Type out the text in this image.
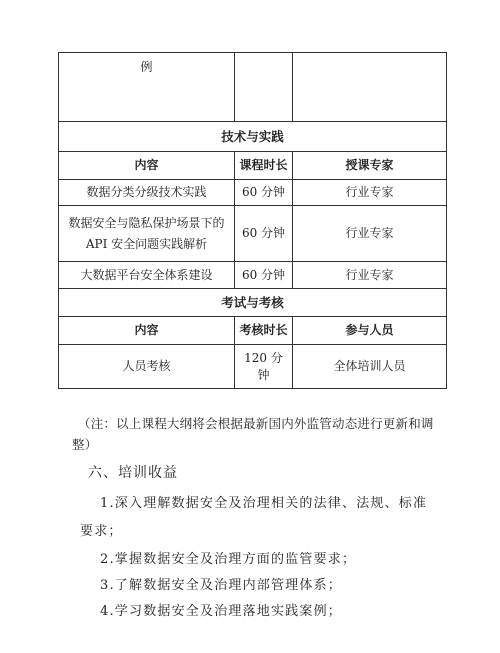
例		
技术与实践		
内容	课程时长	授课专家
数据分类分级技术实践	60 分钟	行业专家

数据安全与隐私保护场景下的
API 安全问题实践解析	60 分钟	行业专家
大数据平台安全体系建设	60 分钟	行业专家
考试与考核		
内容	考核时长	参与人员
人员考核	120 分钟	全体培训人员
（注：以上课程大纲将会根据最新国内外监管动态进行更新和调
整）
六、培训收益
1.深入理解数据安全及治理相关的法律、法规、标准
要求；
2.掌握数据安全及治理方面的监管要求；
3.了解数据安全及治理内部管理体系；
4.学习数据安全及治理落地实践案例；
